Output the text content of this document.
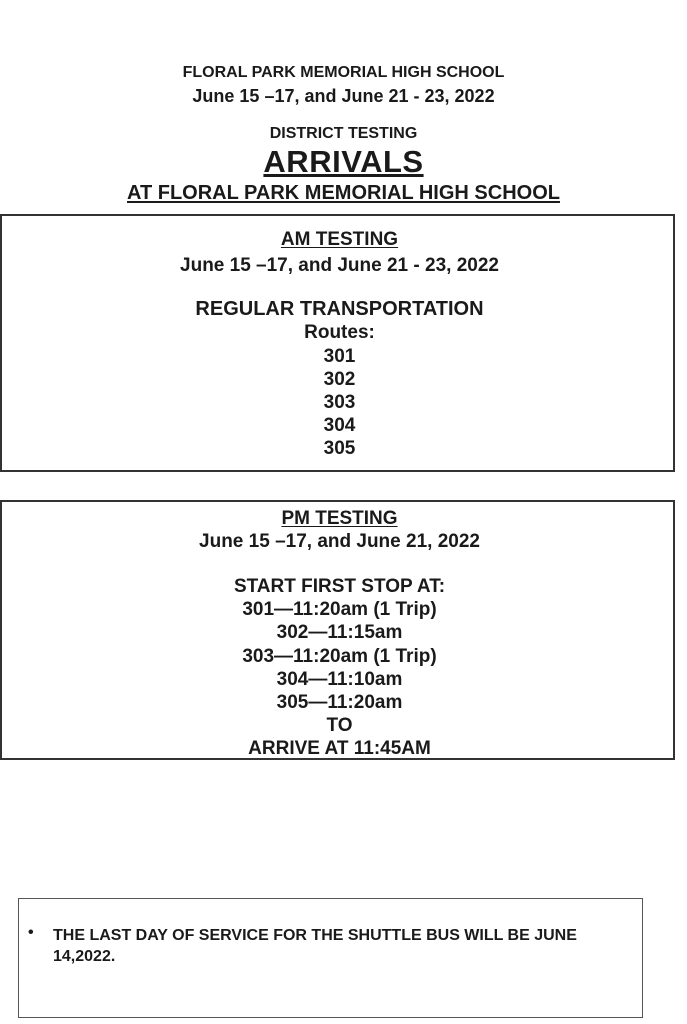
FLORAL PARK MEMORIAL HIGH SCHOOL
June 15 –17, and June 21 - 23, 2022
DISTRICT TESTING
ARRIVALS
AT FLORAL PARK MEMORIAL HIGH SCHOOL
AM TESTING
June 15 –17, and June 21 - 23, 2022
REGULAR TRANSPORTATION
Routes:
301
302
303
304
305
PM TESTING
June 15 –17, and June 21, 2022
START FIRST STOP AT:
301—11:20am (1 Trip)
302—11:15am
303—11:20am (1 Trip)
304—11:10am
305—11:20am
TO
ARRIVE AT 11:45AM
• THE LAST DAY OF SERVICE FOR THE SHUTTLE BUS WILL BE JUNE 14,2022.
